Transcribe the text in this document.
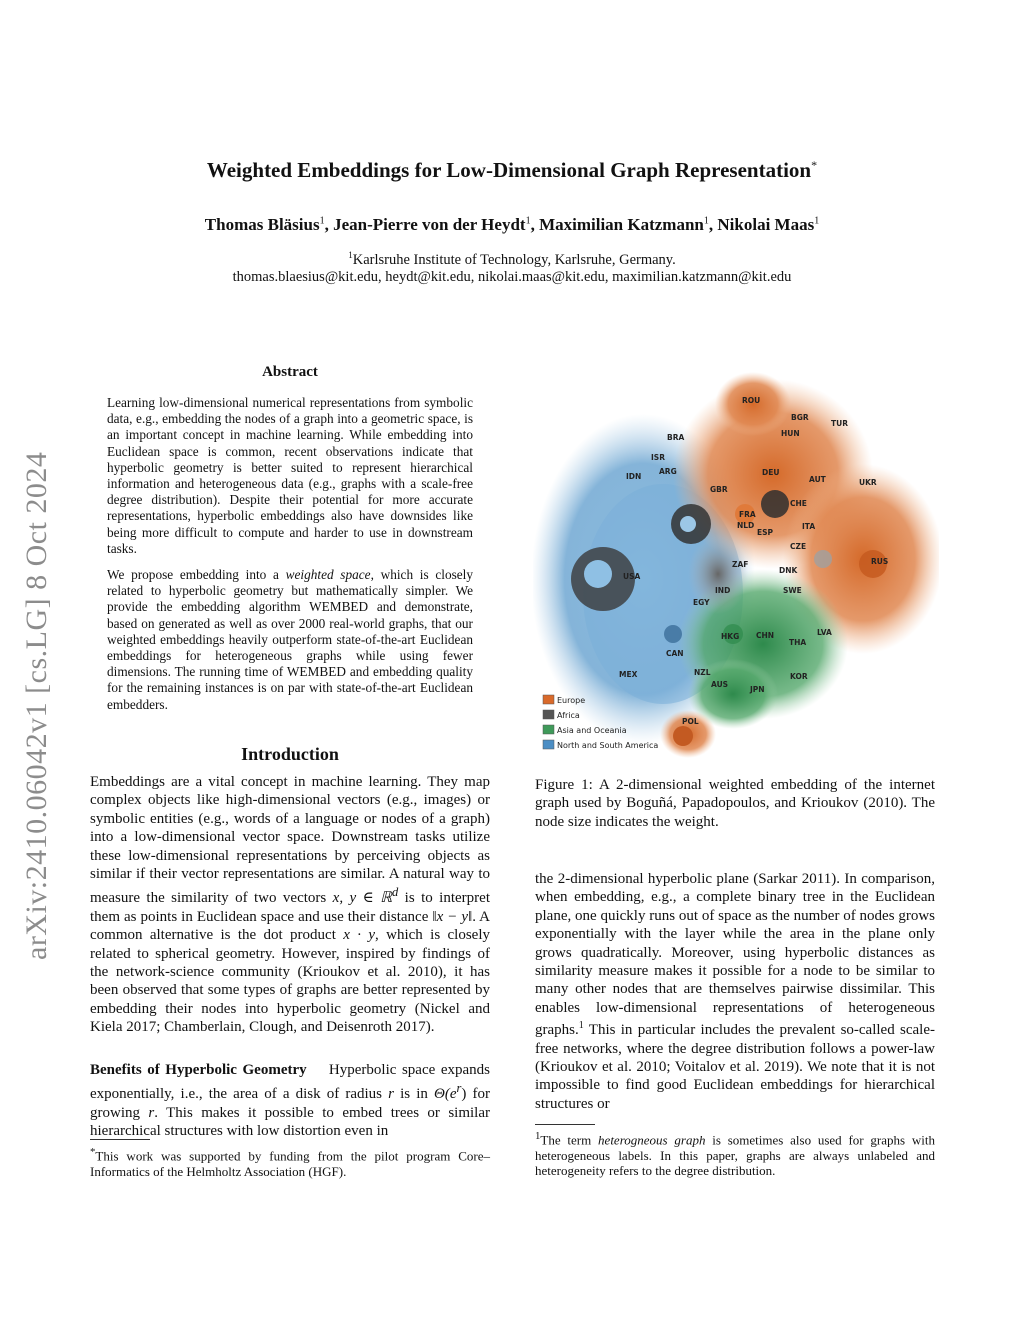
arXiv:2410.06042v1 [cs.LG] 8 Oct 2024
Weighted Embeddings for Low-Dimensional Graph Representation*
Thomas Bläsius$^1$, Jean-Pierre von der Heydt$^1$, Maximilian Katzmann$^1$, Nikolai Maas$^1$
$^1$Karlsruhe Institute of Technology, Karlsruhe, Germany.
thomas.blaesius@kit.edu, heydt@kit.edu, nikolai.maas@kit.edu, maximilian.katzmann@kit.edu
Abstract
Learning low-dimensional numerical representations from symbolic data, e.g., embedding the nodes of a graph into a geometric space, is an important concept in machine learning. While embedding into Euclidean space is common, recent observations indicate that hyperbolic geometry is better suited to represent hierarchical information and heterogeneous data (e.g., graphs with a scale-free degree distribution). Despite their potential for more accurate representations, hyperbolic embeddings also have downsides like being more difficult to compute and harder to use in downstream tasks.
We propose embedding into a weighted space, which is closely related to hyperbolic geometry but mathematically simpler. We provide the embedding algorithm WEMBED and demonstrate, based on generated as well as over 2000 real-world graphs, that our weighted embeddings heavily outperform state-of-the-art Euclidean embeddings for heterogeneous graphs while using fewer dimensions. The running time of WEMBED and embedding quality for the remaining instances is on par with state-of-the-art Euclidean embedders.
Introduction
Embeddings are a vital concept in machine learning. They map complex objects like high-dimensional vectors (e.g., images) or symbolic entities (e.g., words of a language or nodes of a graph) into a low-dimensional vector space. Downstream tasks utilize these low-dimensional representations by perceiving objects as similar if their vector representations are similar. A natural way to measure the similarity of two vectors x, y ∈ ℝ$^d$ is to interpret them as points in Euclidean space and use their distance ‖x − y‖. A common alternative is the dot product x · y, which is closely related to spherical geometry. However, inspired by findings of the network-science community (Krioukov et al. 2010), it has been observed that some types of graphs are better represented by embedding their nodes into hyperbolic geometry (Nickel and Kiela 2017; Chamberlain, Clough, and Deisenroth 2017).
Benefits of Hyperbolic Geometry Hyperbolic space expands exponentially, i.e., the area of a disk of radius r is in $\Theta(e^r)$ for growing r. This makes it possible to embed trees or similar hierarchical structures with low distortion even in
*This work was supported by funding from the pilot program Core–Informatics of the Helmholtz Association (HGF).
ROU
BGR
TUR
HUN
BRA
ISR
ARG
IDN	DEU
AUT	UKR
GBR
CHE
FRA
NLD
ESP
ITA
CZE
RUS
ZAF
DNK
USA
IND	SWE
EGY
HKG CHN
THA
LVA
CAN
MEX	NZL
AUS
JPN
KOR
POL
Europe
Africa
Asia and Oceania
North and South America
Figure 1: A 2-dimensional weighted embedding of the internet graph used by Boguñá, Papadopoulos, and Krioukov (2010). The node size indicates the weight.
the 2-dimensional hyperbolic plane (Sarkar 2011). In comparison, when embedding, e.g., a complete binary tree in the Euclidean plane, one quickly runs out of space as the number of nodes grows exponentially with the layer while the area in the plane only grows quadratically. Moreover, using hyperbolic distances as similarity measure makes it possible for a node to be similar to many other nodes that are themselves pairwise dissimilar. This enables low-dimensional representations of heterogeneous graphs.$^1$ This in particular includes the prevalent so-called scale-free networks, where the degree distribution follows a power-law (Krioukov et al. 2010; Voitalov et al. 2019). We note that it is not impossible to find good Euclidean embeddings for hierarchical structures or
$^1$The term heterogneous graph is sometimes also used for graphs with heterogeneous labels. In this paper, graphs are always unlabeled and heterogeneity refers to the degree distribution.
